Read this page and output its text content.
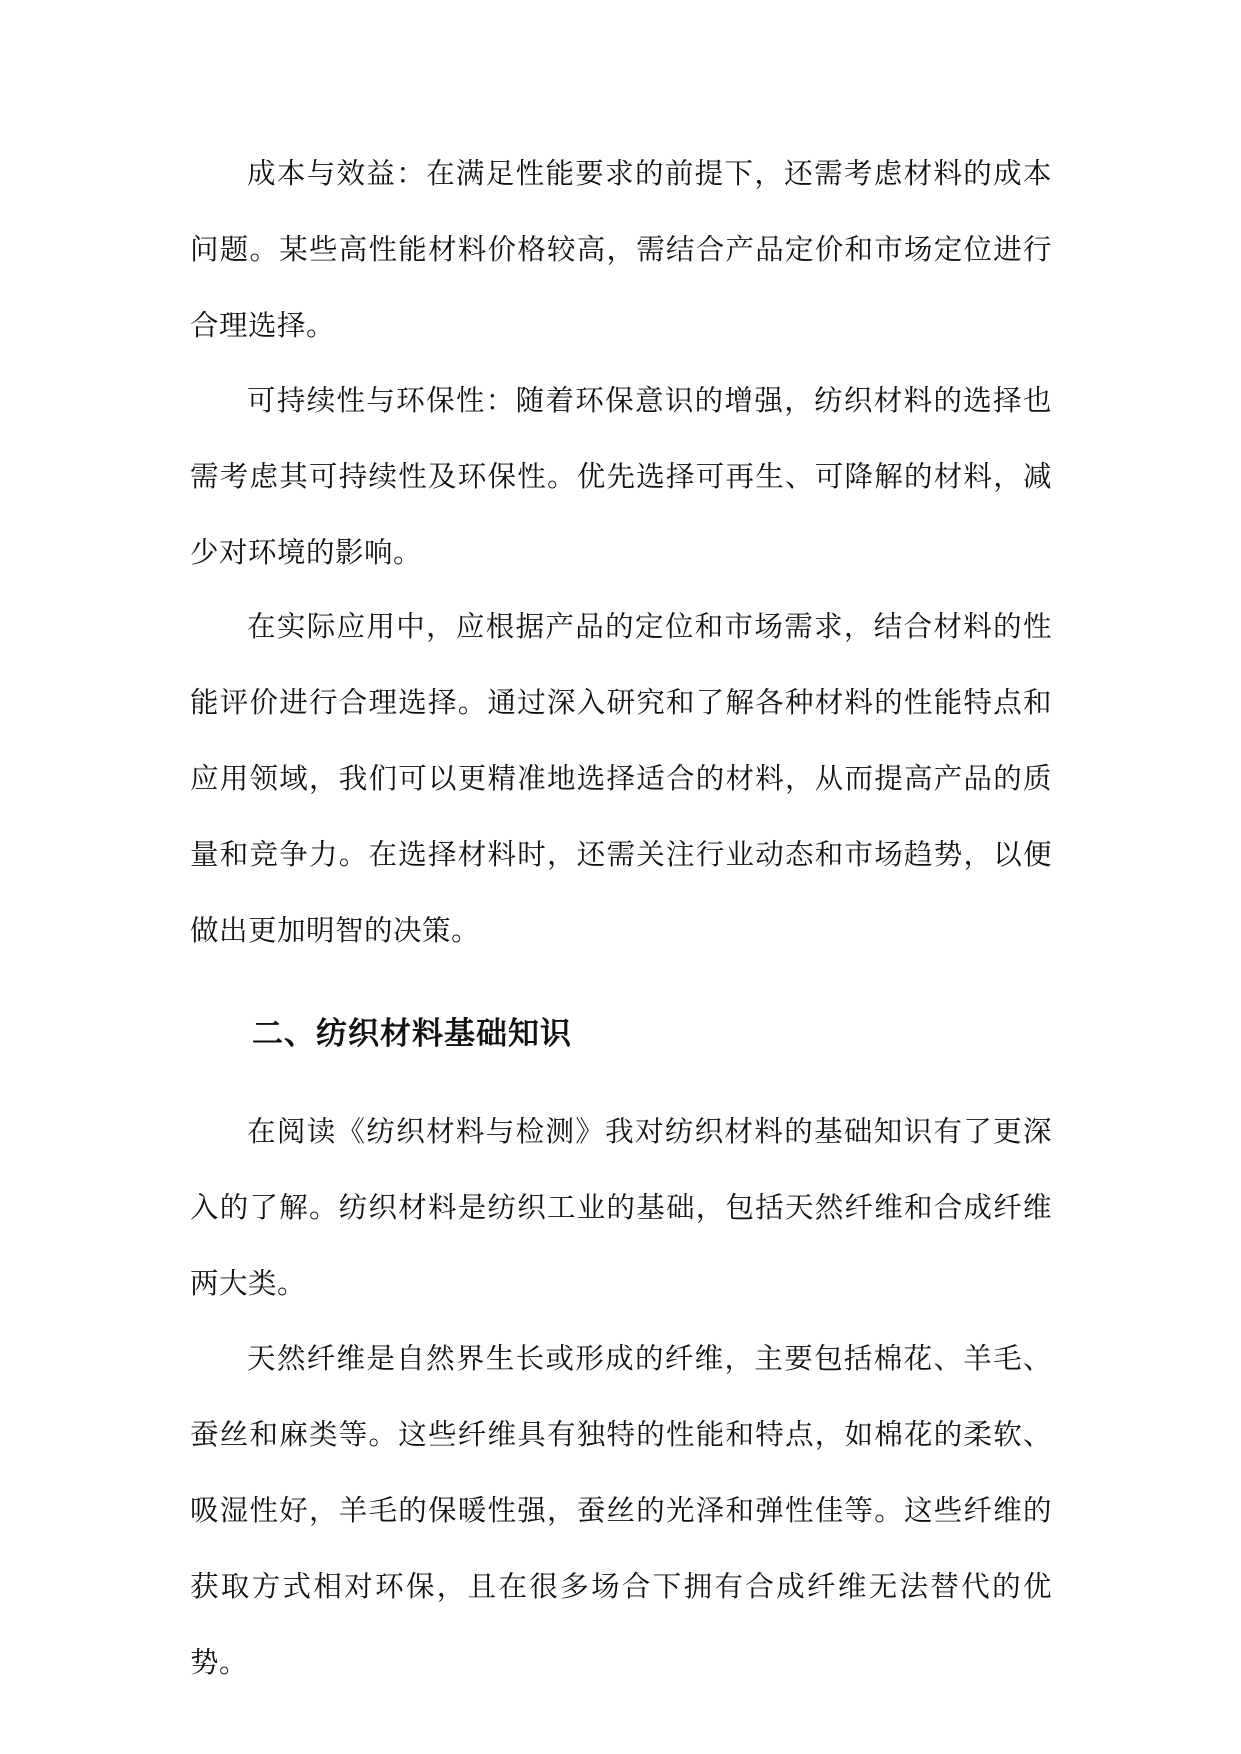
成本与效益：在满足性能要求的前提下，还需考虑材料的成本问题。某些高性能材料价格较高，需结合产品定价和市场定位进行合理选择。

可持续性与环保性：随着环保意识的增强，纺织材料的选择也需考虑其可持续性及环保性。优先选择可再生、可降解的材料，减少对环境的影响。

在实际应用中，应根据产品的定位和市场需求，结合材料的性能评价进行合理选择。通过深入研究和了解各种材料的性能特点和应用领域，我们可以更精准地选择适合的材料，从而提高产品的质量和竞争力。在选择材料时，还需关注行业动态和市场趋势，以便做出更加明智的决策。

二、纺织材料基础知识

在阅读《纺织材料与检测》我对纺织材料的基础知识有了更深入的了解。纺织材料是纺织工业的基础，包括天然纤维和合成纤维两大类。

天然纤维是自然界生长或形成的纤维，主要包括棉花、羊毛、蚕丝和麻类等。这些纤维具有独特的性能和特点，如棉花的柔软、吸湿性好，羊毛的保暖性强，蚕丝的光泽和弹性佳等。这些纤维的获取方式相对环保，且在很多场合下拥有合成纤维无法替代的优势。
